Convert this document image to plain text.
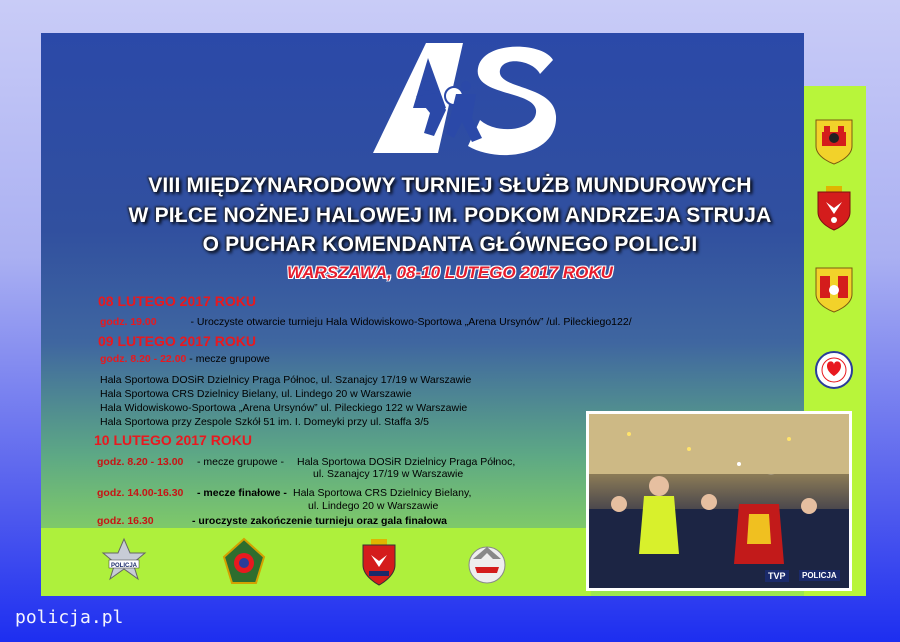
VIII MIĘDZYNARODOWY TURNIEJ SŁUŻB MUNDUROWYCH
W PIŁCE NOŻNEJ HALOWEJ IM. PODKOM ANDRZEJA STRUJA
O PUCHAR KOMENDANTA GŁÓWNEGO POLICJI
WARSZAWA, 08-10 LUTEGO 2017 ROKU
08 LUTEGO 2017 ROKU
godz. 19.00	- Uroczyste otwarcie turnieju Hala Widowiskowo-Sportowa „Arena Ursynów” /ul. Pileckiego122/
09 LUTEGO 2017 ROKU
godz. 8.20 - 22.00 - mecze grupowe
Hala Sportowa DOSiR Dzielnicy Praga Północ, ul. Szanajcy 17/19 w Warszawie
Hala Sportowa CRS Dzielnicy Bielany, ul. Lindego 20 w Warszawie
Hala Widowiskowo-Sportowa „Arena Ursynów” ul. Pileckiego 122 w Warszawie
Hala Sportowa przy Zespole Szkół 51 im. I. Domeyki przy ul. Staffa 3/5
10 LUTEGO 2017 ROKU
godz. 8.20 - 13.00 - mecze grupowe - Hala Sportowa DOSiR Dzielnicy Praga Północ,
ul. Szanajcy 17/19 w Warszawie
godz. 14.00-16.30 - mecze finałowe - Hala Sportowa CRS Dzielnicy Bielany,
ul. Lindego 20 w Warszawie
godz. 16.30	- uroczyste zakończenie turnieju oraz gala finałowa
TVP	POLICJA
POLICJA
policja.pl
